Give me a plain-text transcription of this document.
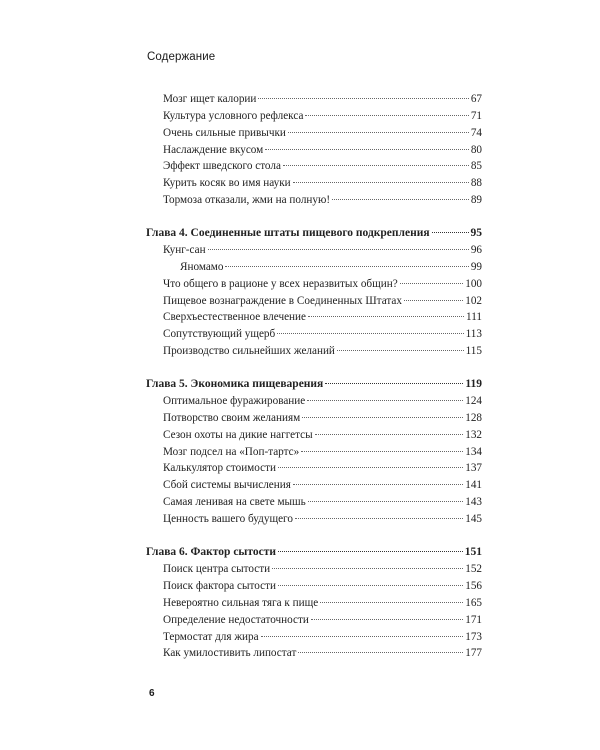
Содержание
Мозг ищет калории	67
Культура условного рефлекса	71
Очень сильные привычки	74
Наслаждение вкусом	80
Эффект шведского стола	85
Курить косяк во имя науки	88
Тормоза отказали, жми на полную!	89
Глава 4. Соединенные штаты пищевого подкрепления	95
Кунг-сан	96
Яномамо	99
Что общего в рационе у всех неразвитых общин?	100
Пищевое вознаграждение в Соединенных Штатах	102
Сверхъестественное влечение	111
Сопутствующий ущерб	113
Производство сильнейших желаний	115
Глава 5. Экономика пищеварения	119
Оптимальное фуражирование	124
Потворство своим желаниям	128
Сезон охоты на дикие наггетсы	132
Мозг подсел на «Поп-тартс»	134
Калькулятор стоимости	137
Сбой системы вычисления	141
Самая ленивая на свете мышь	143
Ценность вашего будущего	145
Глава 6. Фактор сытости	151
Поиск центра сытости	152
Поиск фактора сытости	156
Невероятно сильная тяга к пище	165
Определение недостаточности	171
Термостат для жира	173
Как умилостивить липостат	177
6
